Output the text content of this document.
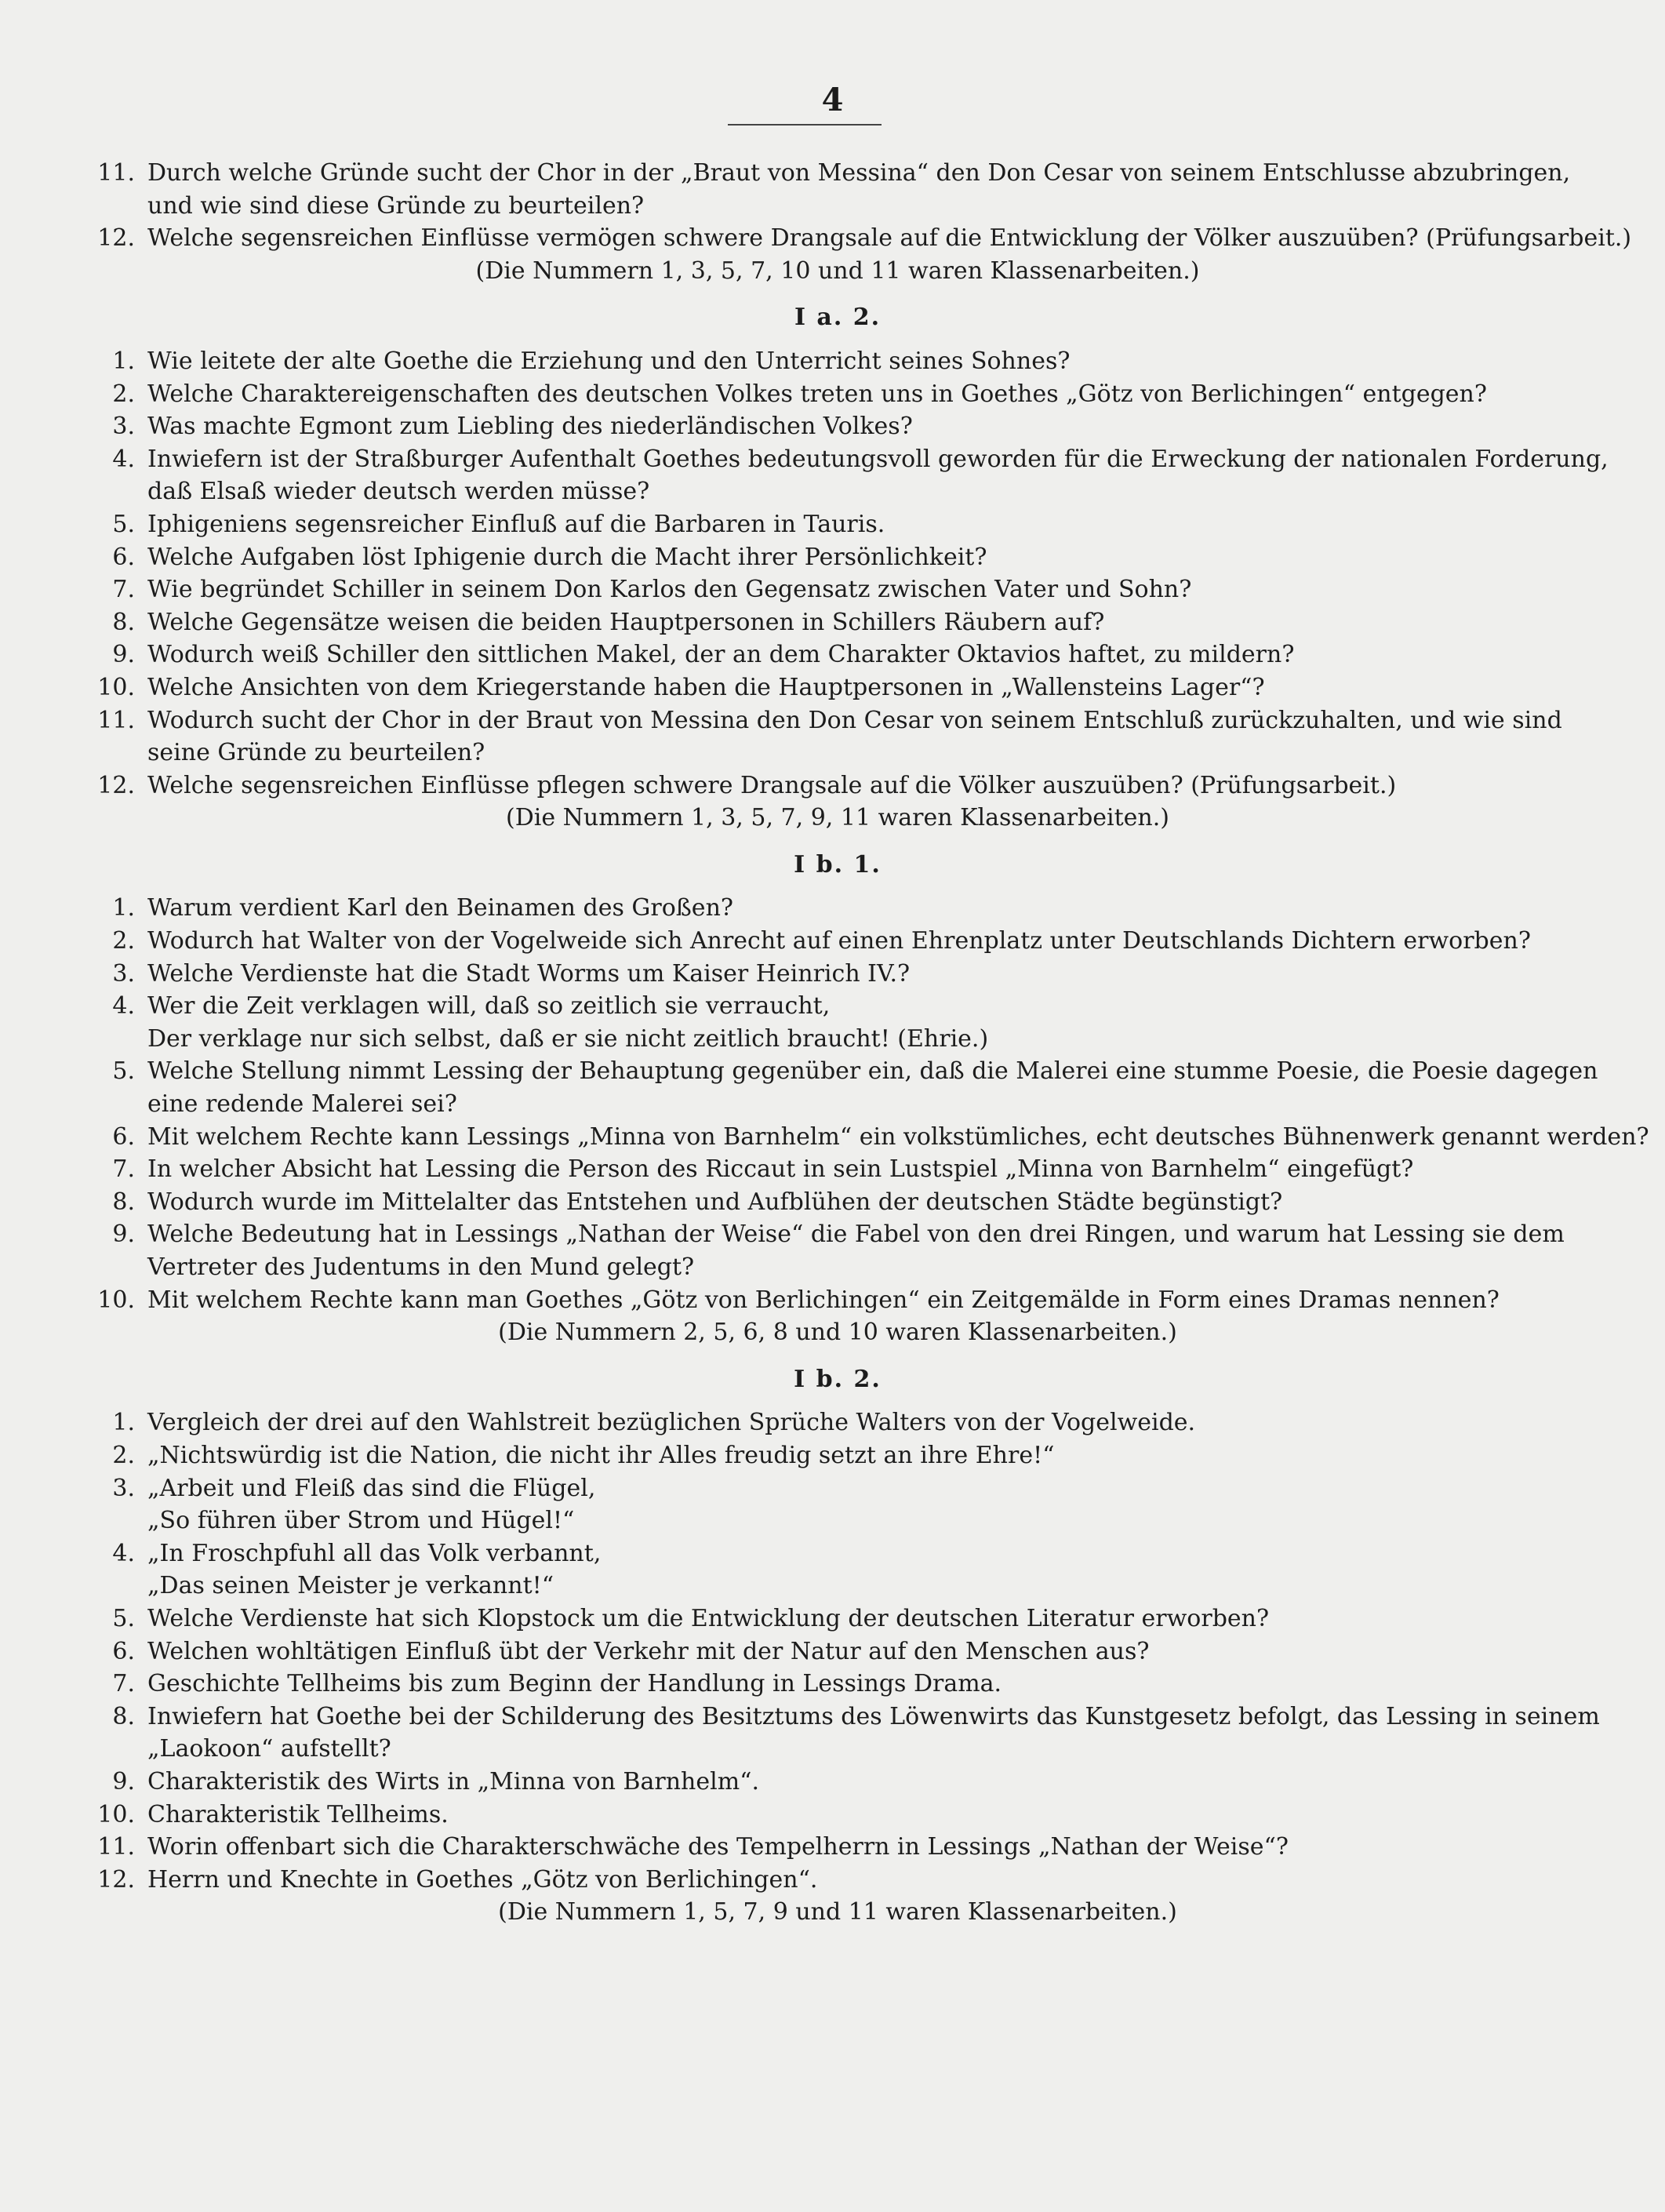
4
11. Durch welche Gründe sucht der Chor in der „Braut von Messina“ den Don Cesar von seinem Entschlusse abzubringen,
und wie sind diese Gründe zu beurteilen?
12. Welche segensreichen Einflüsse vermögen schwere Drangsale auf die Entwicklung der Völker auszuüben? (Prüfungsarbeit.)
(Die Nummern 1, 3, 5, 7, 10 und 11 waren Klassenarbeiten.)
I a. 2.
1. Wie leitete der alte Goethe die Erziehung und den Unterricht seines Sohnes?
2. Welche Charaktereigenschaften des deutschen Volkes treten uns in Goethes „Götz von Berlichingen“ entgegen?
3. Was machte Egmont zum Liebling des niederländischen Volkes?
4. Inwiefern ist der Straßburger Aufenthalt Goethes bedeutungsvoll geworden für die Erweckung der nationalen Forderung,
daß Elsaß wieder deutsch werden müsse?
5. Iphigeniens segensreicher Einfluß auf die Barbaren in Tauris.
6. Welche Aufgaben löst Iphigenie durch die Macht ihrer Persönlichkeit?
7. Wie begründet Schiller in seinem Don Karlos den Gegensatz zwischen Vater und Sohn?
8. Welche Gegensätze weisen die beiden Hauptpersonen in Schillers Räubern auf?
9. Wodurch weiß Schiller den sittlichen Makel, der an dem Charakter Oktavios haftet, zu mildern?
10. Welche Ansichten von dem Kriegerstande haben die Hauptpersonen in „Wallensteins Lager“?
11. Wodurch sucht der Chor in der Braut von Messina den Don Cesar von seinem Entschluß zurückzuhalten, und wie sind
seine Gründe zu beurteilen?
12. Welche segensreichen Einflüsse pflegen schwere Drangsale auf die Völker auszuüben? (Prüfungsarbeit.)
(Die Nummern 1, 3, 5, 7, 9, 11 waren Klassenarbeiten.)
I b. 1.
1. Warum verdient Karl den Beinamen des Großen?
2. Wodurch hat Walter von der Vogelweide sich Anrecht auf einen Ehrenplatz unter Deutschlands Dichtern erworben?
3. Welche Verdienste hat die Stadt Worms um Kaiser Heinrich IV.?
4. Wer die Zeit verklagen will, daß so zeitlich sie verraucht,
Der verklage nur sich selbst, daß er sie nicht zeitlich braucht! (Ehrie.)
5. Welche Stellung nimmt Lessing der Behauptung gegenüber ein, daß die Malerei eine stumme Poesie, die Poesie dagegen
eine redende Malerei sei?
6. Mit welchem Rechte kann Lessings „Minna von Barnhelm“ ein volkstümliches, echt deutsches Bühnenwerk genannt werden?
7. In welcher Absicht hat Lessing die Person des Riccaut in sein Lustspiel „Minna von Barnhelm“ eingefügt?
8. Wodurch wurde im Mittelalter das Entstehen und Aufblühen der deutschen Städte begünstigt?
9. Welche Bedeutung hat in Lessings „Nathan der Weise“ die Fabel von den drei Ringen, und warum hat Lessing sie dem
Vertreter des Judentums in den Mund gelegt?
10. Mit welchem Rechte kann man Goethes „Götz von Berlichingen“ ein Zeitgemälde in Form eines Dramas nennen?
(Die Nummern 2, 5, 6, 8 und 10 waren Klassenarbeiten.)
I b. 2.
1. Vergleich der drei auf den Wahlstreit bezüglichen Sprüche Walters von der Vogelweide.
2. „Nichtswürdig ist die Nation, die nicht ihr Alles freudig setzt an ihre Ehre!“
3. „Arbeit und Fleiß das sind die Flügel,
„So führen über Strom und Hügel!“
4. „In Froschpfuhl all das Volk verbannt,
„Das seinen Meister je verkannt!“
5. Welche Verdienste hat sich Klopstock um die Entwicklung der deutschen Literatur erworben?
6. Welchen wohltätigen Einfluß übt der Verkehr mit der Natur auf den Menschen aus?
7. Geschichte Tellheims bis zum Beginn der Handlung in Lessings Drama.
8. Inwiefern hat Goethe bei der Schilderung des Besitztums des Löwenwirts das Kunstgesetz befolgt, das Lessing in seinem
„Laokoon“ aufstellt?
9. Charakteristik des Wirts in „Minna von Barnhelm“.
10. Charakteristik Tellheims.
11. Worin offenbart sich die Charakterschwäche des Tempelherrn in Lessings „Nathan der Weise“?
12. Herrn und Knechte in Goethes „Götz von Berlichingen“.
(Die Nummern 1, 5, 7, 9 und 11 waren Klassenarbeiten.)
